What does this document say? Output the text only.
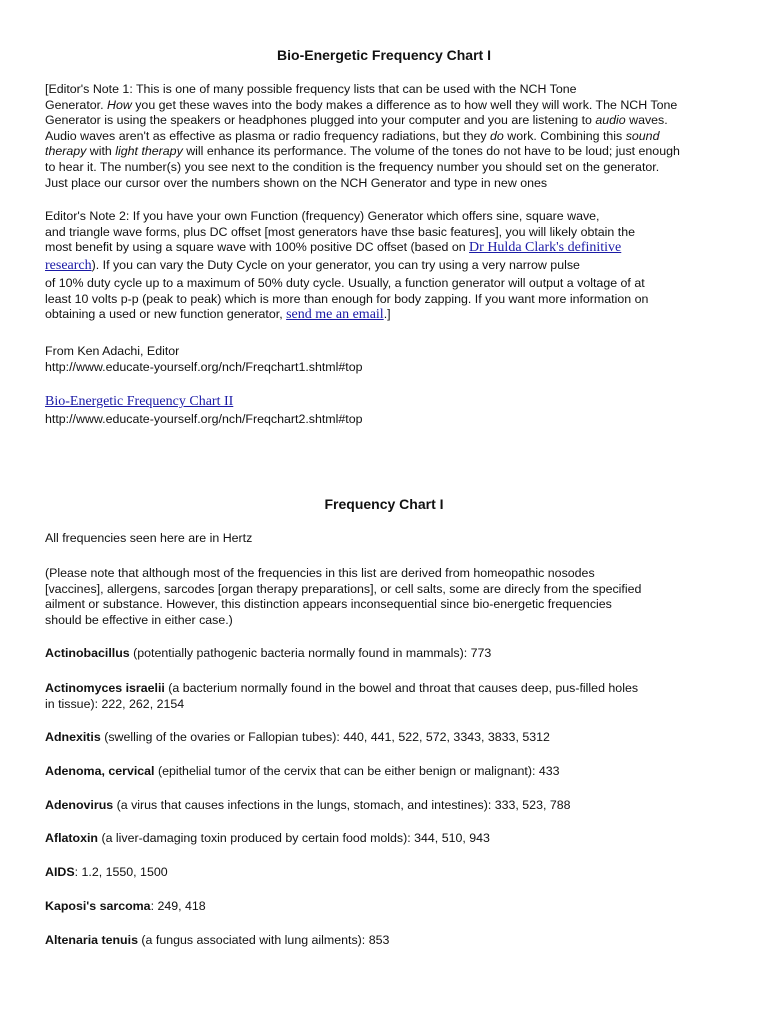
Bio-Energetic Frequency Chart I
[Editor's Note 1: This is one of many possible frequency lists that can be used with the NCH Tone
Generator. How you get these waves into the body makes a difference as to how well they will work. The NCH Tone
Generator is using the speakers or headphones plugged into your computer and you are listening to audio waves.
Audio waves aren't as effective as plasma or radio frequency radiations, but they do work. Combining this sound
therapy with light therapy will enhance its performance. The volume of the tones do not have to be loud; just enough
to hear it. The number(s) you see next to the condition is the frequency number you should set on the generator.
Just place our cursor over the numbers shown on the NCH Generator and type in new ones
Editor's Note 2: If you have your own Function (frequency) Generator which offers sine, square wave,
and triangle wave forms, plus DC offset [most generators have thse basic features], you will likely obtain the
most benefit by using a square wave with 100% positive DC offset (based on Dr Hulda Clark's definitive
research). If you can vary the Duty Cycle on your generator, you can try using a very narrow pulse
of 10% duty cycle up to a maximum of 50% duty cycle. Usually, a function generator will output a voltage of at
least 10 volts p-p (peak to peak) which is more than enough for body zapping. If you want more information on
obtaining a used or new function generator, send me an email.]
From Ken Adachi, Editor
http://www.educate-yourself.org/nch/Freqchart1.shtml#top
Bio-Energetic Frequency Chart II
http://www.educate-yourself.org/nch/Freqchart2.shtml#top
Frequency Chart I
All frequencies seen here are in Hertz
(Please note that although most of the frequencies in this list are derived from homeopathic nosodes
[vaccines], allergens, sarcodes [organ therapy preparations], or cell salts, some are direcly from the specified
ailment or substance. However, this distinction appears inconsequential since bio-energetic frequencies
should be effective in either case.)
Actinobacillus (potentially pathogenic bacteria normally found in mammals): 773
Actinomyces israelii (a bacterium normally found in the bowel and throat that causes deep, pus-filled holes
in tissue): 222, 262, 2154
Adnexitis (swelling of the ovaries or Fallopian tubes): 440, 441, 522, 572, 3343, 3833, 5312
Adenoma, cervical (epithelial tumor of the cervix that can be either benign or malignant): 433
Adenovirus (a virus that causes infections in the lungs, stomach, and intestines): 333, 523, 788
Aflatoxin (a liver-damaging toxin produced by certain food molds): 344, 510, 943
AIDS: 1.2, 1550, 1500
Kaposi's sarcoma: 249, 418
Altenaria tenuis (a fungus associated with lung ailments): 853
